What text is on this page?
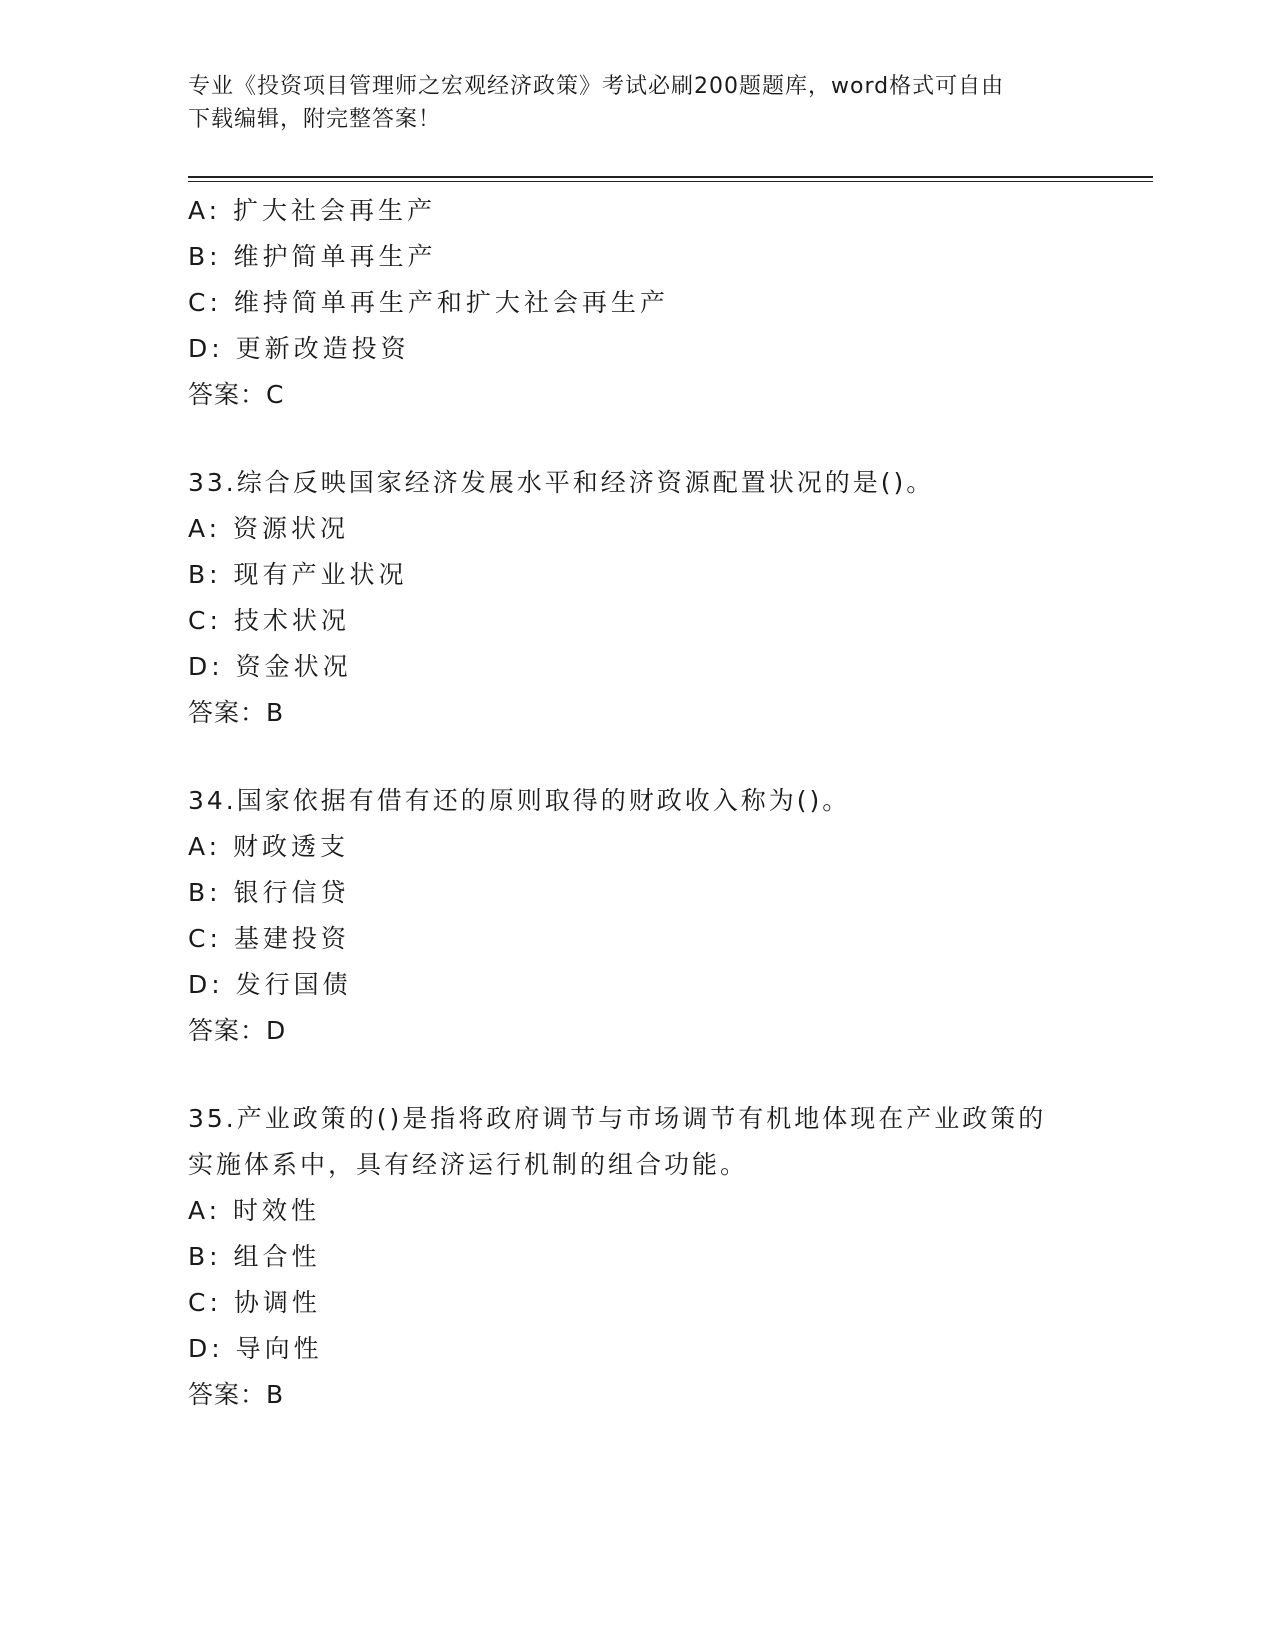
专业《投资项目管理师之宏观经济政策》考试必刷200题题库，word格式可自由
下载编辑，附完整答案！
A: 扩大社会再生产
B: 维护简单再生产
C: 维持简单再生产和扩大社会再生产
D: 更新改造投资
答案：C
33.综合反映国家经济发展水平和经济资源配置状况的是()。
A: 资源状况
B: 现有产业状况
C: 技术状况
D: 资金状况
答案：B
34.国家依据有借有还的原则取得的财政收入称为()。
A: 财政透支
B: 银行信贷
C: 基建投资
D: 发行国债
答案：D
35.产业政策的()是指将政府调节与市场调节有机地体现在产业政策的
实施体系中，具有经济运行机制的组合功能。
A: 时效性
B: 组合性
C: 协调性
D: 导向性
答案：B
